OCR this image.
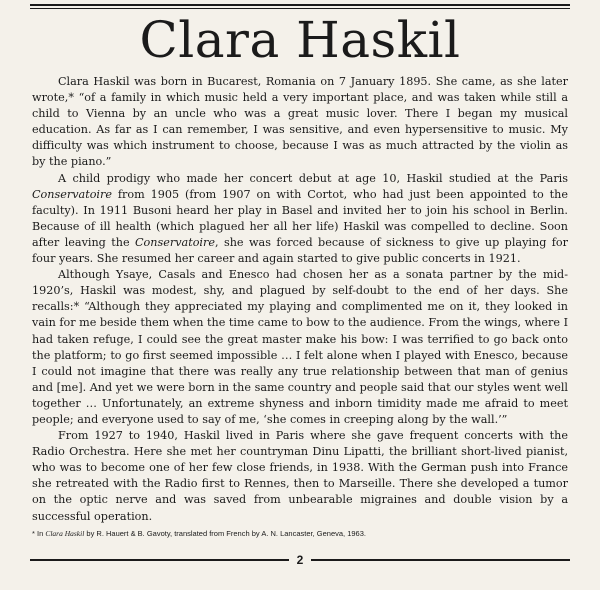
Clara Haskil

Clara Haskil was born in Bucarest, Romania on 7 January 1895. She came, as she later wrote,* “of a family in which music held a very important place, and was taken while still a child to Vienna by an uncle who was a great music lover. There I began my musical education. As far as I can remember, I was sensitive, and even hypersensitive to music. My difficulty was which instrument to choose, because I was as much attracted by the violin as by the piano.”

A child prodigy who made her concert debut at age 10, Haskil studied at the Paris Conservatoire from 1905 (from 1907 on with Cortot, who had just been appointed to the faculty). In 1911 Busoni heard her play in Basel and invited her to join his school in Berlin. Because of ill health (which plagued her all her life) Haskil was compelled to decline. Soon after leaving the Conservatoire, she was forced because of sickness to give up playing for four years. She resumed her career and again started to give public concerts in 1921.

Although Ysaye, Casals and Enesco had chosen her as a sonata partner by the mid-1920’s, Haskil was modest, shy, and plagued by self-doubt to the end of her days. She recalls:* “Although they appreciated my playing and complimented me on it, they looked in vain for me beside them when the time came to bow to the audience. From the wings, where I had taken refuge, I could see the great master make his bow: I was terrified to go back onto the platform; to go first seemed impossible … I felt alone when I played with Enesco, because I could not imagine that there was really any true relationship between that man of genius and [me]. And yet we were born in the same country and people said that our styles went well together … Unfortunately, an extreme shyness and inborn timidity made me afraid to meet people; and everyone used to say of me, ‘she comes in creeping along by the wall.’”

From 1927 to 1940, Haskil lived in Paris where she gave frequent concerts with the Radio Orchestra. Here she met her countryman Dinu Lipatti, the brilliant short-lived pianist, who was to become one of her few close friends, in 1938. With the German push into France she retreated with the Radio first to Rennes, then to Marseille. There she developed a tumor on the optic nerve and was saved from unbearable migraines and double vision by a successful operation.

* In Clara Haskil by R. Hauert & B. Gavoty, translated from French by A. N. Lancaster, Geneva, 1963.
2
